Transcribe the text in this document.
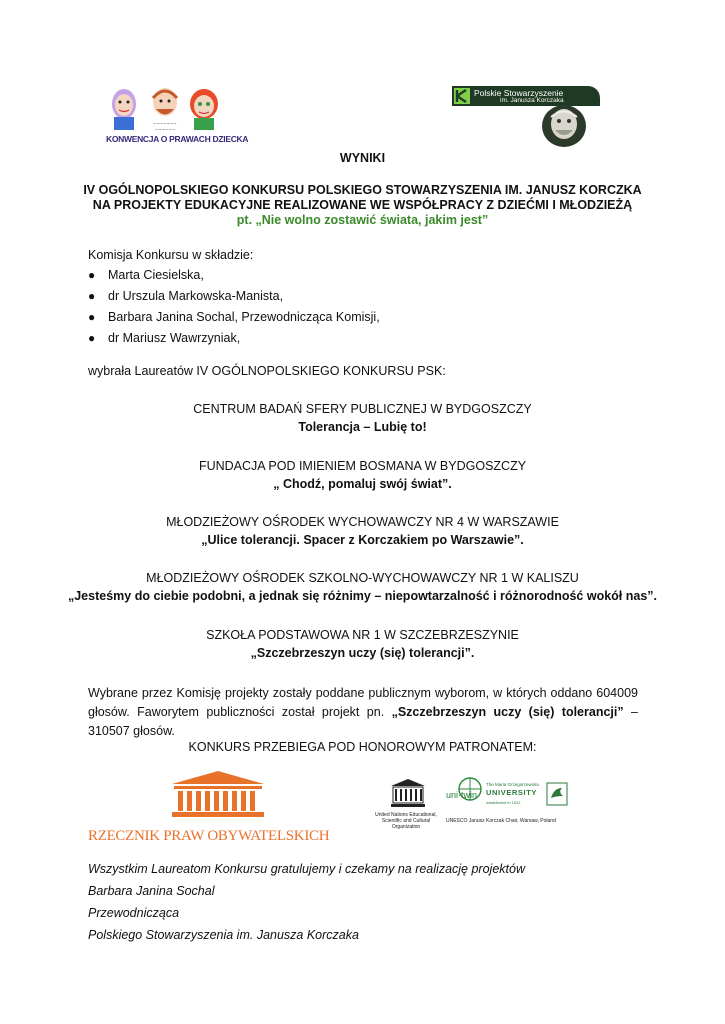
~~~~~~~
~~~~~~
KONWENCJA O PRAWACH DZIECKA
Polskie Stowarzyszenie
im. Janusza Korczaka
WYNIKI
IV OGÓLNOPOLSKIEGO KONKURSU POLSKIEGO STOWARZYSZENIA IM. JANUSZ KORCZKA
NA PROJEKTY EDUKACYJNE REALIZOWANE WE WSPÓŁPRACY Z DZIEĆMI I MŁODZIEŻĄ
pt. „Nie wolno zostawić świata, jakim jest”
Komisja Konkursu w składzie:
● Marta Ciesielska,
● dr Urszula Markowska-Manista,
● Barbara Janina Sochal, Przewodnicząca Komisji,
● dr Mariusz Wawrzyniak,
wybrała Laureatów IV OGÓLNOPOLSKIEGO KONKURSU PSK:
CENTRUM BADAŃ SFERY PUBLICZNEJ W BYDGOSZCZY
Tolerancja – Lubię to!
FUNDACJA POD IMIENIEM BOSMANA W BYDGOSZCZY
„ Chodź, pomaluj swój świat”.
MŁODZIEŻOWY OŚRODEK WYCHOWAWCZY NR 4 W WARSZAWIE
„Ulice tolerancji. Spacer z Korczakiem po Warszawie”.
MŁODZIEŻOWY OŚRODEK SZKOLNO-WYCHOWAWCZY NR 1 W KALISZU
„Jesteśmy do ciebie podobni, a jednak się różnimy – niepowtarzalność i różnorodność wokół nas”.
SZKOŁA PODSTAWOWA NR 1 W SZCZEBRZESZYNIE
„Szczebrzeszyn uczy (się) tolerancji”.
Wybrane przez Komisję projekty zostały poddane publicznym wyborom, w których oddano 604009 głosów. Faworytem publiczności został projekt pn. „Szczebrzeszyn uczy (się) tolerancji” – 310507 głosów.
KONKURS PRZEBIEGA POD HONOROWYM PATRONATEM:
RZECZNIK PRAW OBYWATELSKICH
United Nations Educational, Scientific and Cultural Organization
uni·twin
UNESCO Janusz Korczak Chair, Warsaw, Poland
The Maria Grzegorzewska
UNIVERSITY
established in 1922
Wszystkim Laureatom Konkursu gratulujemy i czekamy na realizację projektów
Barbara Janina Sochal
Przewodnicząca
Polskiego Stowarzyszenia im. Janusza Korczaka
